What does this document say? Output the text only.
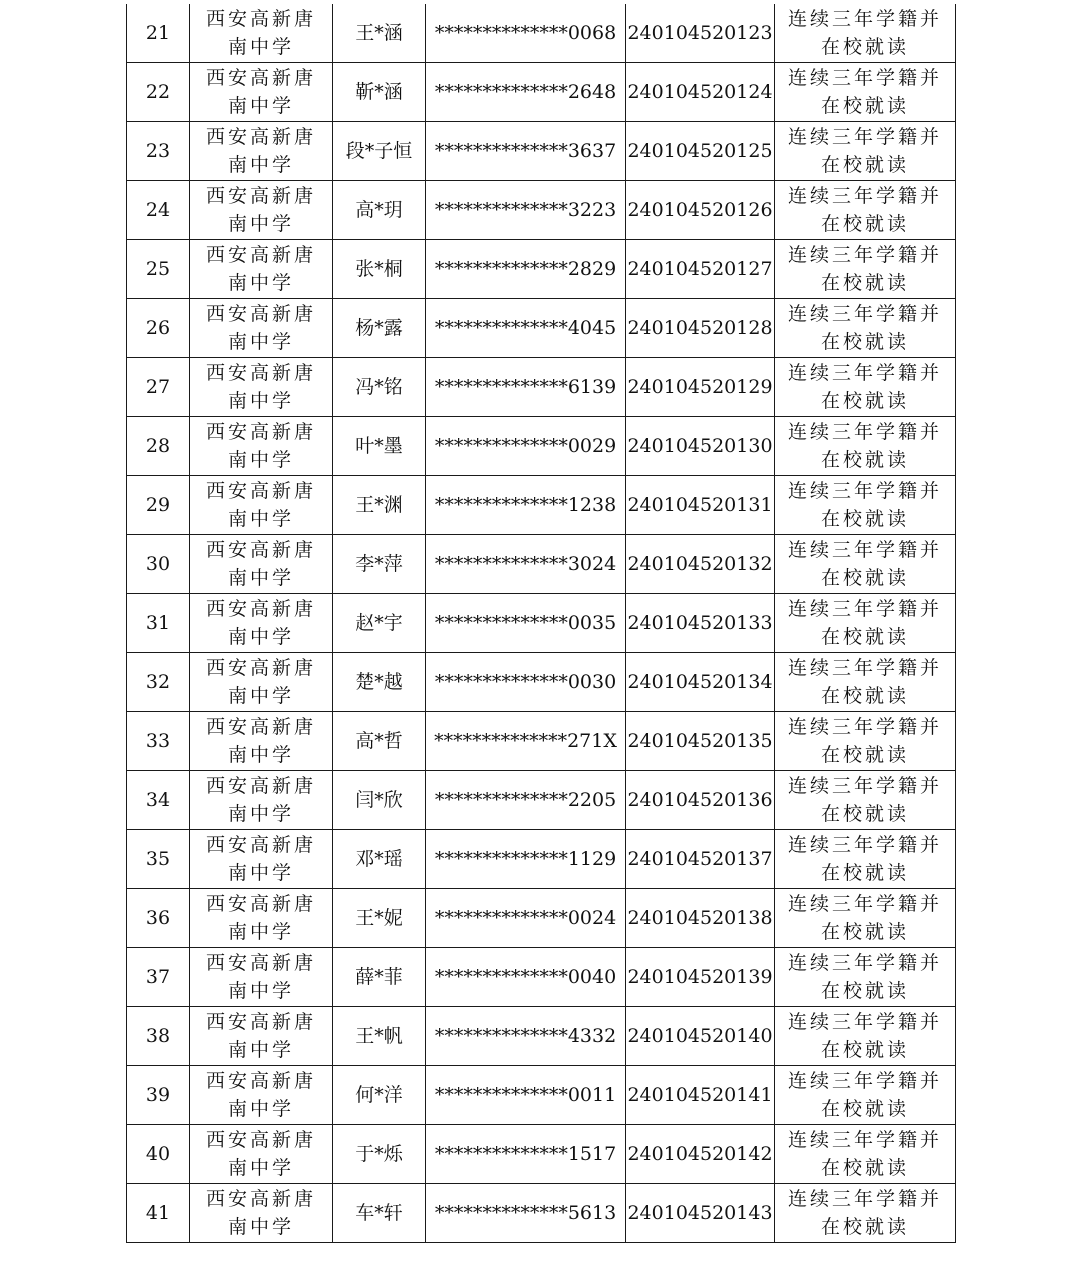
21	西安高新唐南中学	王*涵	**************0068	240104520123	连续三年学籍并在校就读
22	西安高新唐南中学	靳*涵	**************2648	240104520124	连续三年学籍并在校就读
23	西安高新唐南中学	段*子恒	**************3637	240104520125	连续三年学籍并在校就读
24	西安高新唐南中学	高*玥	**************3223	240104520126	连续三年学籍并在校就读
25	西安高新唐南中学	张*桐	**************2829	240104520127	连续三年学籍并在校就读
26	西安高新唐南中学	杨*露	**************4045	240104520128	连续三年学籍并在校就读
27	西安高新唐南中学	冯*铭	**************6139	240104520129	连续三年学籍并在校就读
28	西安高新唐南中学	叶*墨	**************0029	240104520130	连续三年学籍并在校就读
29	西安高新唐南中学	王*渊	**************1238	240104520131	连续三年学籍并在校就读
30	西安高新唐南中学	李*萍	**************3024	240104520132	连续三年学籍并在校就读
31	西安高新唐南中学	赵*宇	**************0035	240104520133	连续三年学籍并在校就读
32	西安高新唐南中学	楚*越	**************0030	240104520134	连续三年学籍并在校就读
33	西安高新唐南中学	高*哲	**************271X	240104520135	连续三年学籍并在校就读
34	西安高新唐南中学	闫*欣	**************2205	240104520136	连续三年学籍并在校就读
35	西安高新唐南中学	邓*瑶	**************1129	240104520137	连续三年学籍并在校就读
36	西安高新唐南中学	王*妮	**************0024	240104520138	连续三年学籍并在校就读
37	西安高新唐南中学	薛*菲	**************0040	240104520139	连续三年学籍并在校就读
38	西安高新唐南中学	王*帆	**************4332	240104520140	连续三年学籍并在校就读
39	西安高新唐南中学	何*洋	**************0011	240104520141	连续三年学籍并在校就读
40	西安高新唐南中学	于*烁	**************1517	240104520142	连续三年学籍并在校就读
41	西安高新唐南中学	车*轩	**************5613	240104520143	连续三年学籍并在校就读
